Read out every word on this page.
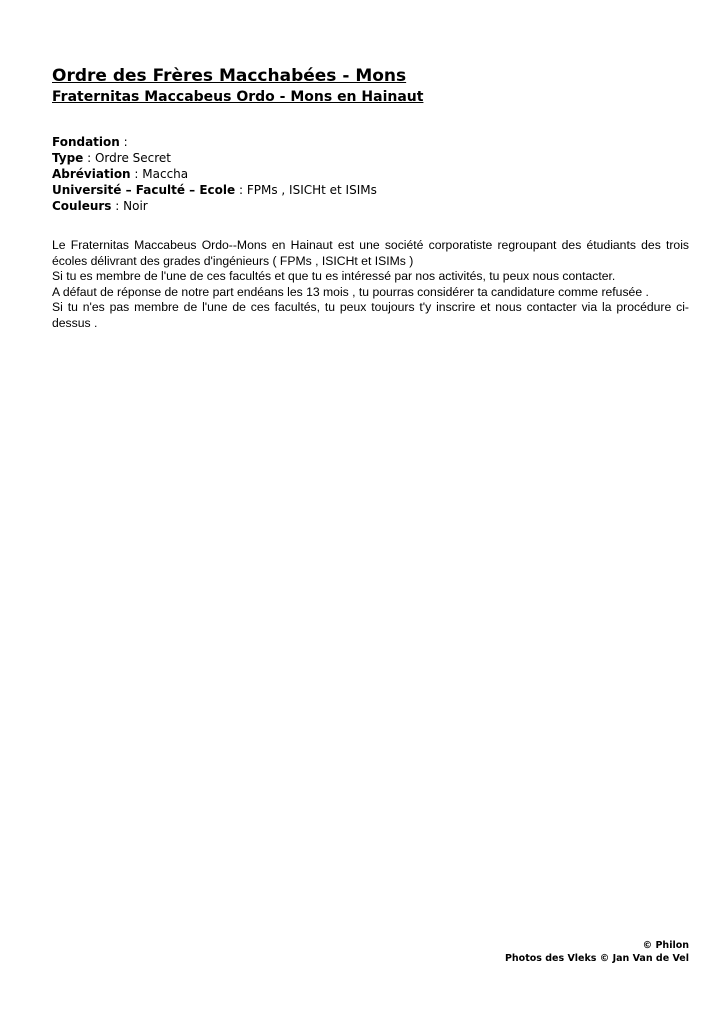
Ordre des Frères Macchabées - Mons
Fraternitas Maccabeus Ordo - Mons en Hainaut
Fondation :
Type : Ordre Secret
Abréviation : Maccha
Université – Faculté – Ecole : FPMs , ISICHt et ISIMs
Couleurs : Noir

Le Fraternitas Maccabeus Ordo--Mons en Hainaut est une société corporatiste regroupant des étudiants des trois écoles délivrant des grades d'ingénieurs ( FPMs , ISICHt et ISIMs )

Si tu es membre de l'une de ces facultés et que tu es intéressé par nos activités, tu peux nous contacter.

A défaut de réponse de notre part endéans les 13 mois , tu pourras considérer ta candidature comme refusée .

Si tu n'es pas membre de l'une de ces facultés, tu peux toujours t'y inscrire et nous contacter via la procédure ci-dessus .

© Philon
Photos des Vleks © Jan Van de Vel
